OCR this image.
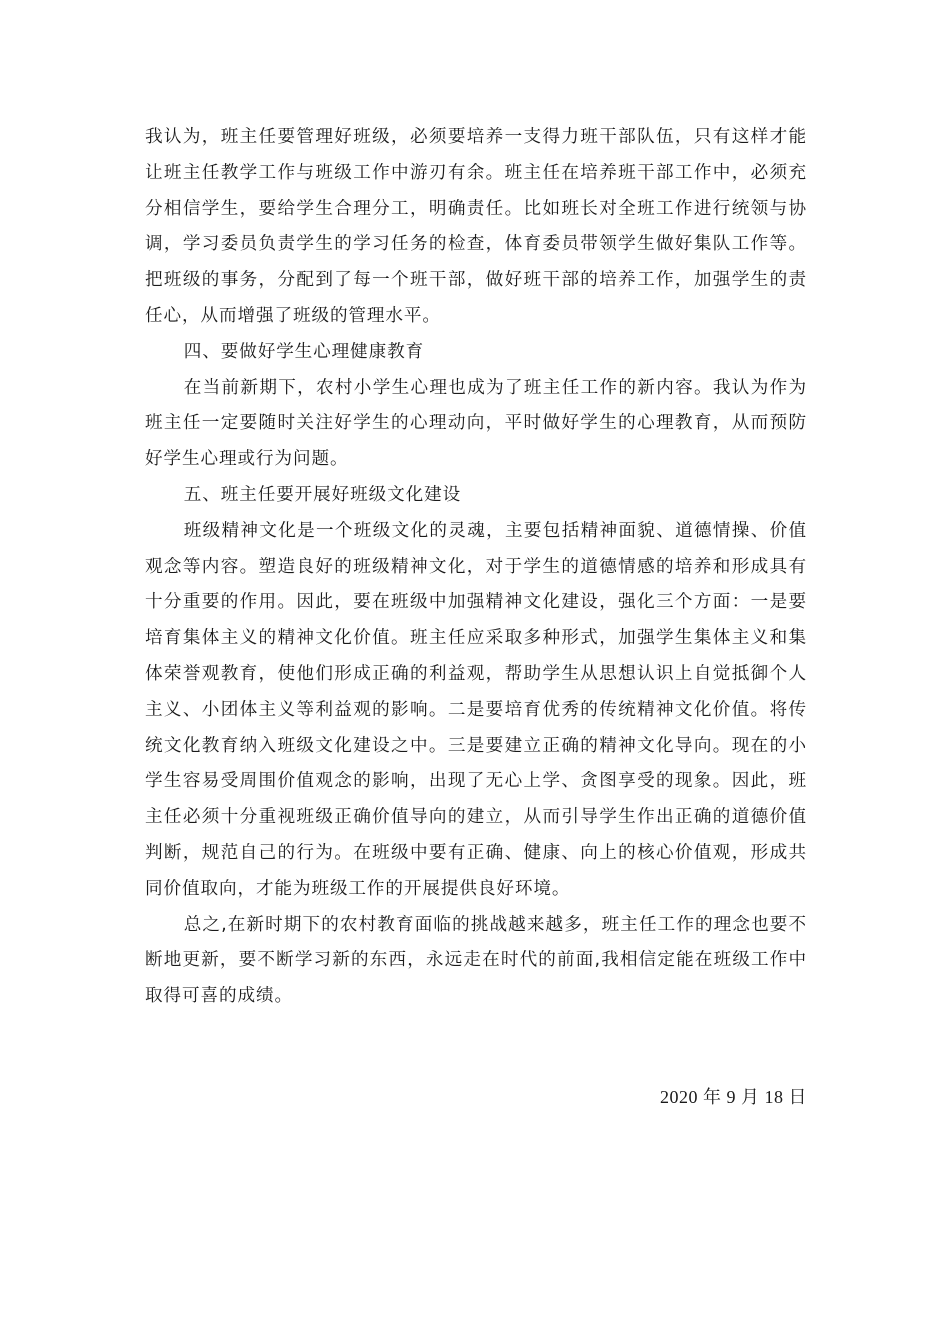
我认为，班主任要管理好班级，必须要培养一支得力班干部队伍，只有这样才能让班主任教学工作与班级工作中游刃有余。班主任在培养班干部工作中，必须充分相信学生，要给学生合理分工，明确责任。比如班长对全班工作进行统领与协调，学习委员负责学生的学习任务的检查，体育委员带领学生做好集队工作等。把班级的事务，分配到了每一个班干部，做好班干部的培养工作，加强学生的责任心，从而增强了班级的管理水平。

四、要做好学生心理健康教育

在当前新期下，农村小学生心理也成为了班主任工作的新内容。我认为作为班主任一定要随时关注好学生的心理动向，平时做好学生的心理教育，从而预防好学生心理或行为问题。

五、班主任要开展好班级文化建设

班级精神文化是一个班级文化的灵魂，主要包括精神面貌、道德情操、价值观念等内容。塑造良好的班级精神文化，对于学生的道德情感的培养和形成具有十分重要的作用。因此，要在班级中加强精神文化建设，强化三个方面：一是要培育集体主义的精神文化价值。班主任应采取多种形式，加强学生集体主义和集体荣誉观教育，使他们形成正确的利益观，帮助学生从思想认识上自觉抵御个人主义、小团体主义等利益观的影响。二是要培育优秀的传统精神文化价值。将传统文化教育纳入班级文化建设之中。三是要建立正确的精神文化导向。现在的小学生容易受周围价值观念的影响，出现了无心上学、贪图享受的现象。因此，班主任必须十分重视班级正确价值导向的建立，从而引导学生作出正确的道德价值判断，规范自己的行为。在班级中要有正确、健康、向上的核心价值观，形成共同价值取向，才能为班级工作的开展提供良好环境。

总之,在新时期下的农村教育面临的挑战越来越多，班主任工作的理念也要不断地更新，要不断学习新的东西，永远走在时代的前面,我相信定能在班级工作中取得可喜的成绩。

2020 年 9 月 18 日
